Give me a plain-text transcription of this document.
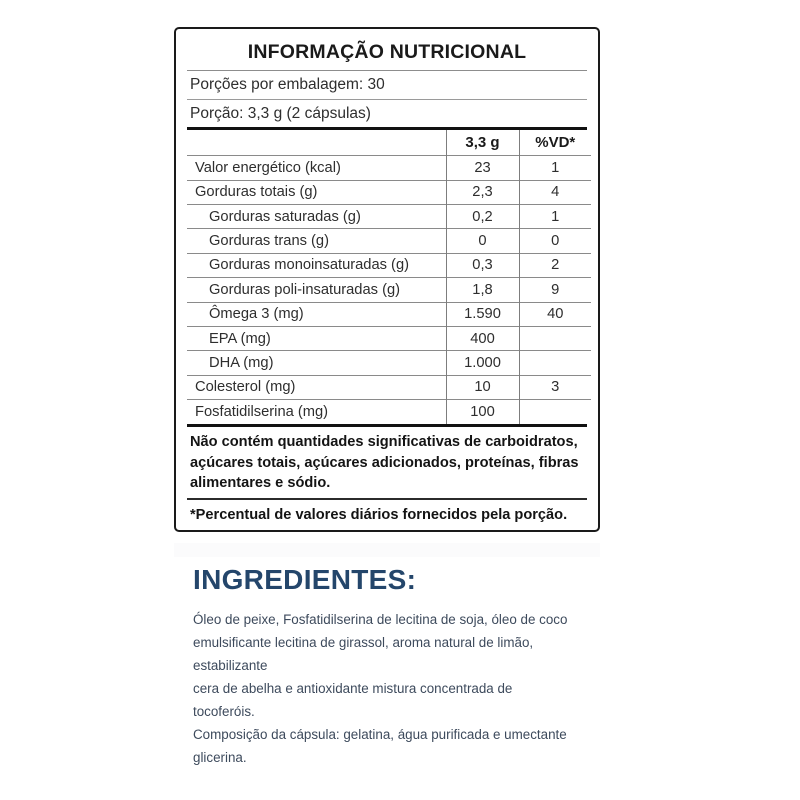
INFORMAÇÃO NUTRICIONAL
Porções por embalagem: 30
Porção: 3,3 g (2 cápsulas)
	3,3 g	%VD*
Valor energético (kcal)	23	1
Gorduras totais (g)	2,3	4
Gorduras saturadas (g)	0,2	1
Gorduras trans (g)	0	0
Gorduras monoinsaturadas (g)	0,3	2
Gorduras poli-insaturadas (g)	1,8	9
Ômega 3 (mg)	1.590	40
EPA (mg)	400	
DHA (mg)	1.000	
Colesterol (mg)	10	3
Fosfatidilserina (mg)	100	
Não contém quantidades significativas de carboidratos, açúcares totais, açúcares adicionados, proteínas, fibras alimentares e sódio.
*Percentual de valores diários fornecidos pela porção.
INGREDIENTES:
Óleo de peixe, Fosfatidilserina de lecitina de soja, óleo de coco emulsificante lecitina de girassol, aroma natural de limão, estabilizante
cera de abelha e antioxidante mistura concentrada de tocoferóis.
Composição da cápsula: gelatina, água purificada e umectante glicerina.
